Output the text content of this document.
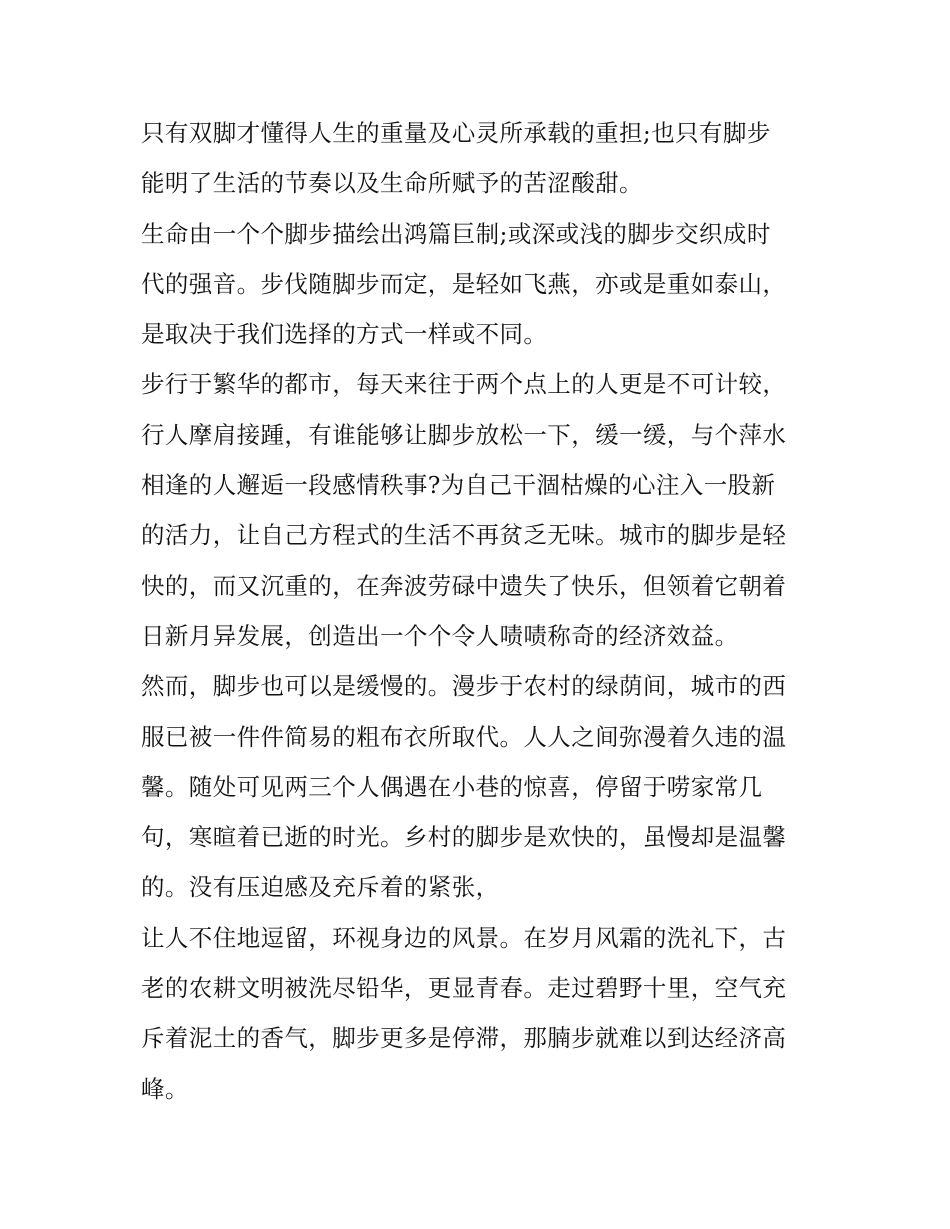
只有双脚才懂得人生的重量及心灵所承载的重担;也只有脚步
能明了生活的节奏以及生命所赋予的苦涩酸甜。
生命由一个个脚步描绘出鸿篇巨制;或深或浅的脚步交织成时
代的强音。步伐随脚步而定，是轻如飞燕，亦或是重如泰山，
是取决于我们选择的方式一样或不同。
步行于繁华的都市，每天来往于两个点上的人更是不可计较，
行人摩肩接踵，有谁能够让脚步放松一下，缓一缓，与个萍水
相逢的人邂逅一段感情秩事?为自己干涸枯燥的心注入一股新
的活力，让自己方程式的生活不再贫乏无味。城市的脚步是轻
快的，而又沉重的，在奔波劳碌中遗失了快乐，但领着它朝着
日新月异发展，创造出一个个令人啧啧称奇的经济效益。
然而，脚步也可以是缓慢的。漫步于农村的绿荫间，城市的西
服已被一件件简易的粗布衣所取代。人人之间弥漫着久违的温
馨。随处可见两三个人偶遇在小巷的惊喜，停留于唠家常几
句，寒暄着已逝的时光。乡村的脚步是欢快的，虽慢却是温馨
的。没有压迫感及充斥着的紧张，
让人不住地逗留，环视身边的风景。在岁月风霜的洗礼下，古
老的农耕文明被洗尽铅华，更显青春。走过碧野十里，空气充
斥着泥土的香气，脚步更多是停滞，那腩步就难以到达经济高
峰。
